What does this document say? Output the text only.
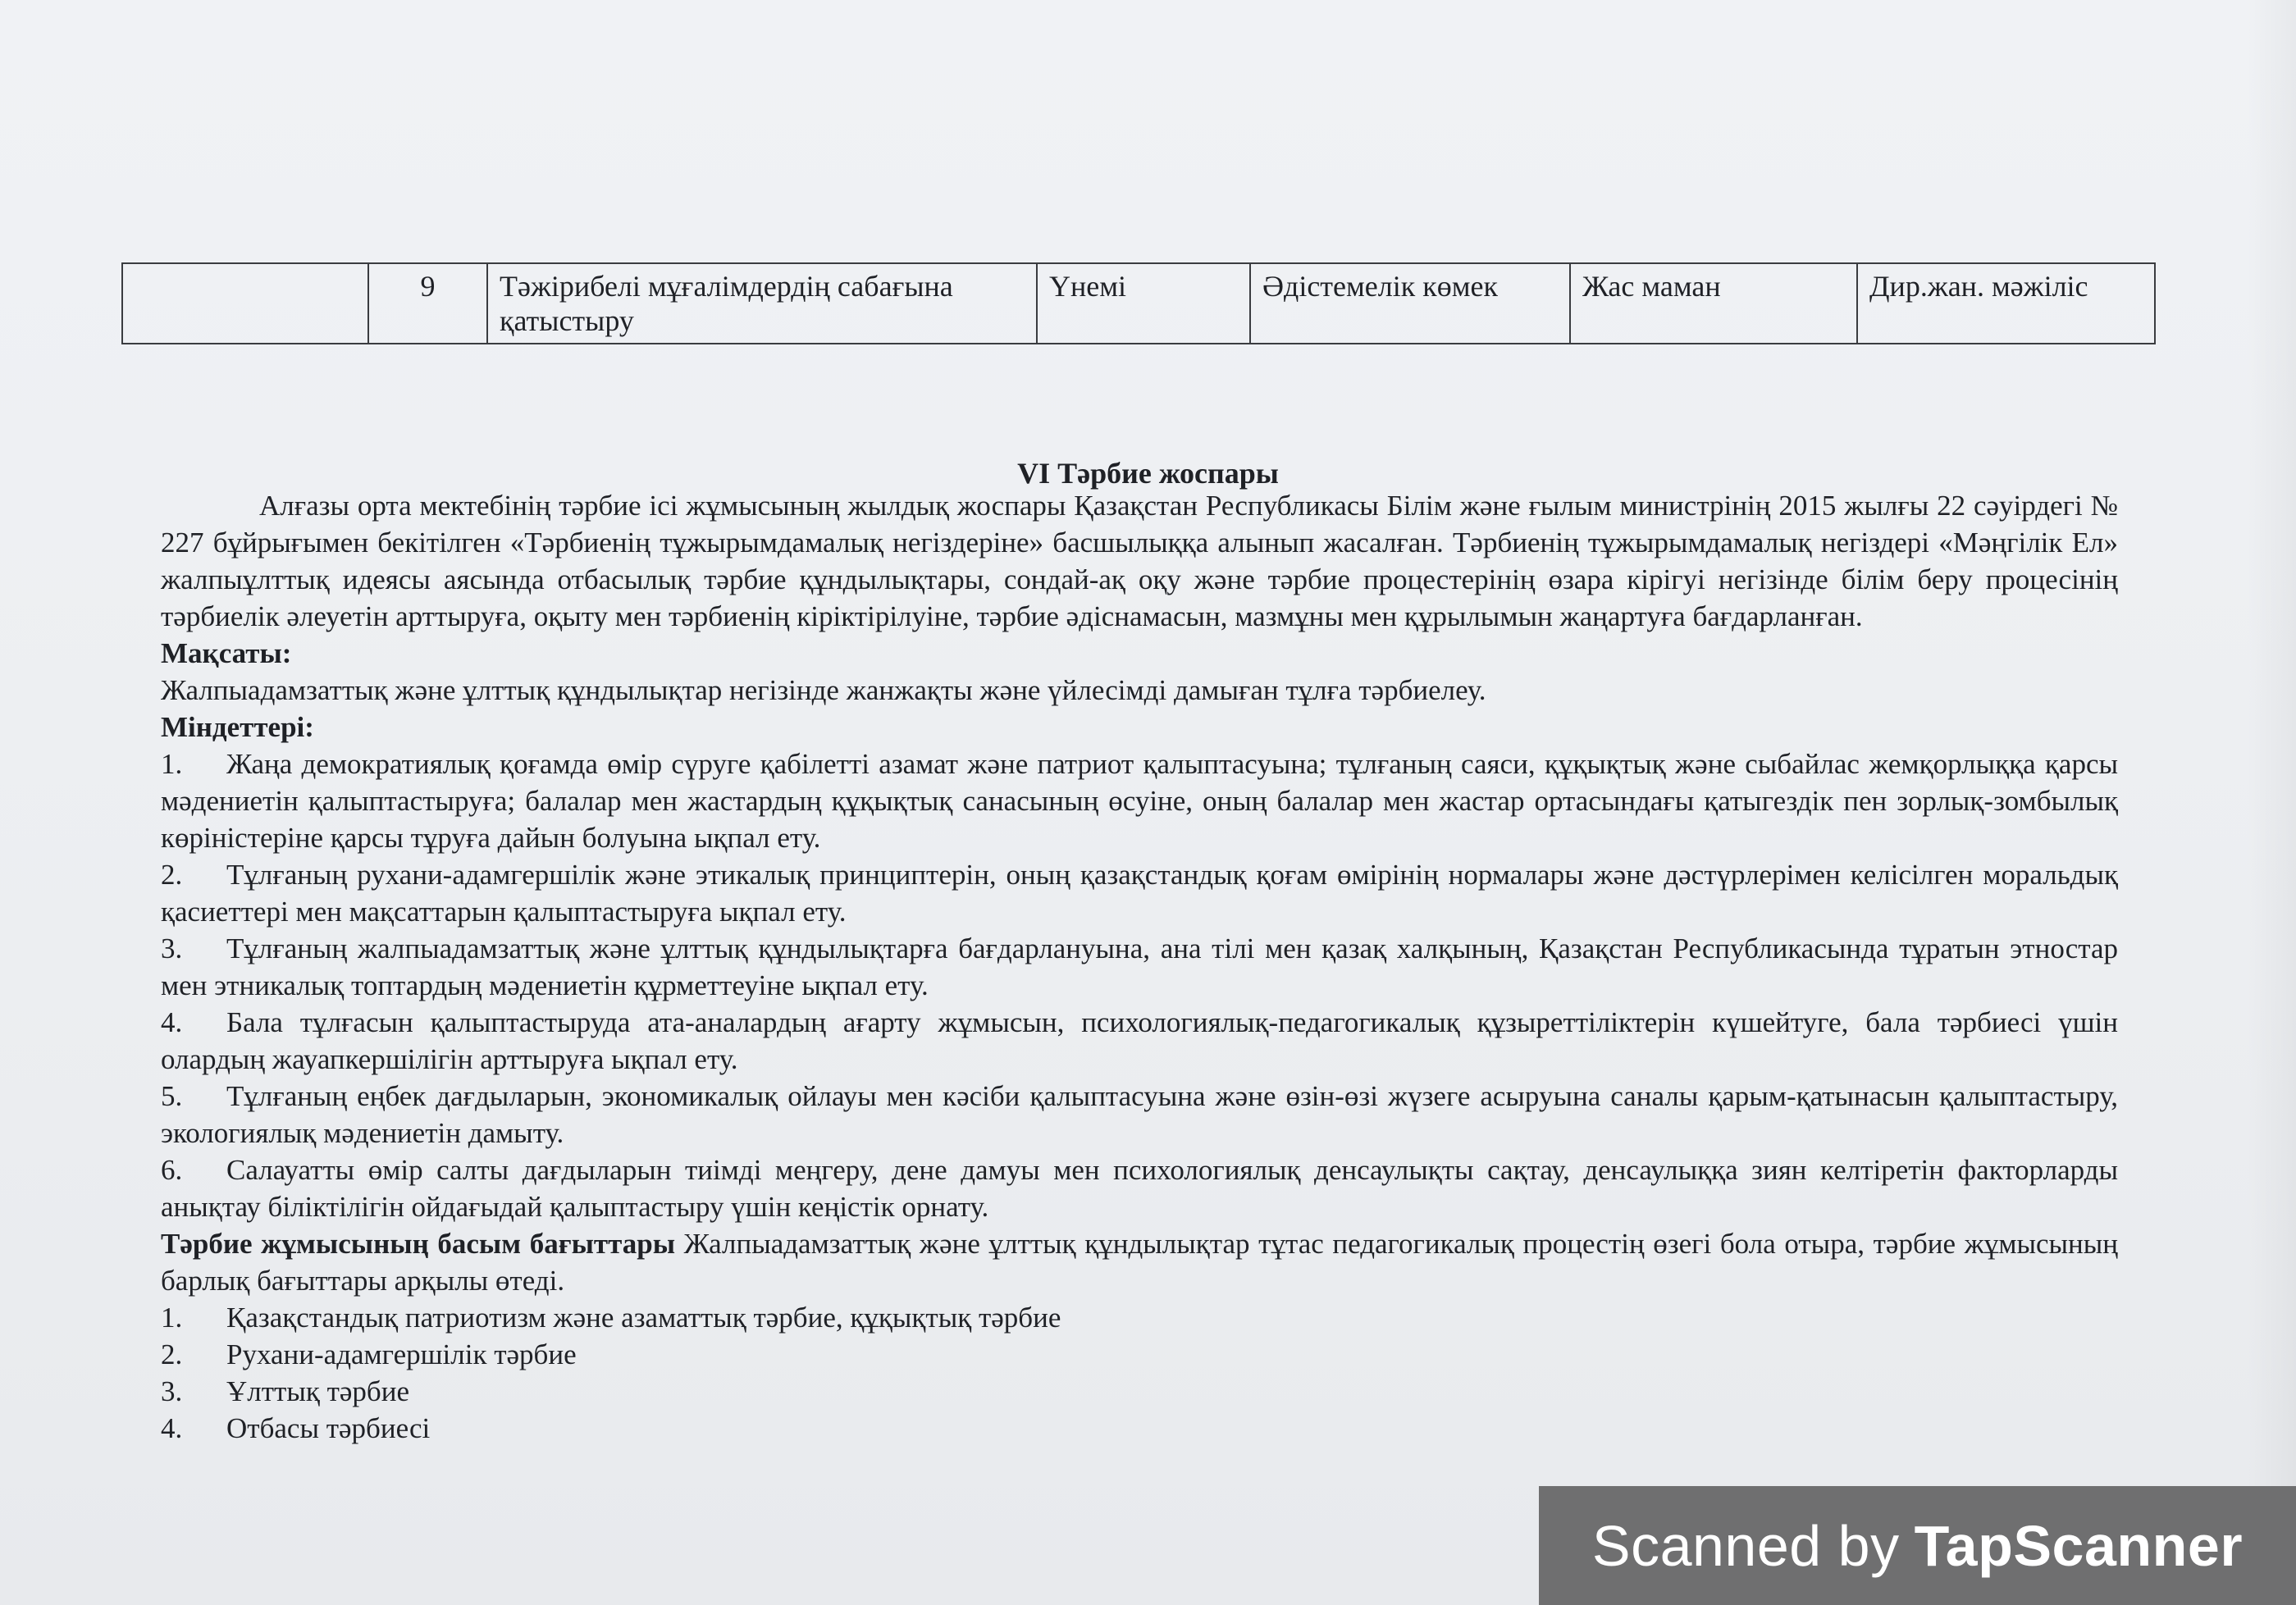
	9	Тәжірибелі мұғалімдердің сабағына қатыстыру	Үнемі	Әдістемелік көмек	Жас маман	Дир.жан. мәжіліс
VI Тәрбие жоспары

Алғазы орта мектебінің тәрбие ісі жұмысының жылдық жоспары Қазақстан Республикасы Білім және ғылым министрінің 2015 жылғы 22 сәуірдегі № 227 бұйрығымен бекітілген «Тәрбиенің тұжырымдамалық негіздеріне» басшылыққа алынып жасалған. Тәрбиенің тұжырымдамалық негіздері «Мәңгілік Ел» жалпыұлттық идеясы аясында отбасылық тәрбие құндылықтары, сондай-ақ оқу және тәрбие процестерінің өзара кірігуі негізінде білім беру процесінің тәрбиелік әлеуетін арттыруға, оқыту мен тәрбиенің кіріктірілуіне, тәрбие әдіснамасын, мазмұны мен құрылымын жаңартуға бағдарланған.

Мақсаты:

Жалпыадамзаттық және ұлттық құндылықтар негізінде жанжақты және үйлесімді дамыған тұлға тәрбиелеу.

Міндеттері:

1. Жаңа демократиялық қоғамда өмір сүруге қабілетті азамат және патриот қалыптасуына; тұлғаның саяси, құқықтық және сыбайлас жемқорлыққа қарсы мәдениетін қалыптастыруға; балалар мен жастардың құқықтық санасының өсуіне, оның балалар мен жастар ортасындағы қатыгездік пен зорлық-зомбылық көріністеріне қарсы тұруға дайын болуына ықпал ету.
2. Тұлғаның рухани-адамгершілік және этикалық принциптерін, оның қазақстандық қоғам өмірінің нормалары және дәстүрлерімен келісілген моральдық қасиеттері мен мақсаттарын қалыптастыруға ықпал ету.
3. Тұлғаның жалпыадамзаттық және ұлттық құндылықтарға бағдарлануына, ана тілі мен қазақ халқының, Қазақстан Республикасында тұратын этностар мен этникалық топтардың мәдениетін құрметтеуіне ықпал ету.
4. Бала тұлғасын қалыптастыруда ата-аналардың ағарту жұмысын, психологиялық-педагогикалық құзыреттіліктерін күшейтуге, бала тәрбиесі үшін олардың жауапкершілігін арттыруға ықпал ету.
5. Тұлғаның еңбек дағдыларын, экономикалық ойлауы мен кәсіби қалыптасуына және өзін-өзі жүзеге асыруына саналы қарым-қатынасын қалыптастыру, экологиялық мәдениетін дамыту.
6. Салауатты өмір салты дағдыларын тиімді меңгеру, дене дамуы мен психологиялық денсаулықты сақтау, денсаулыққа зиян келтіретін факторларды анықтау біліктілігін ойдағыдай қалыптастыру үшін кеңістік орнату.

Тәрбие жұмысының басым бағыттары Жалпыадамзаттық және ұлттық құндылықтар тұтас педагогикалық процестің өзегі бола отыра, тәрбие жұмысының барлық бағыттары арқылы өтеді.

1.	Қазақстандық патриотизм және азаматтық тәрбие, құқықтық тәрбие
2.	Рухани-адамгершілік тәрбие
3.	Ұлттық тәрбие
4.	Отбасы тәрбиесі
Scanned by TapScanner
